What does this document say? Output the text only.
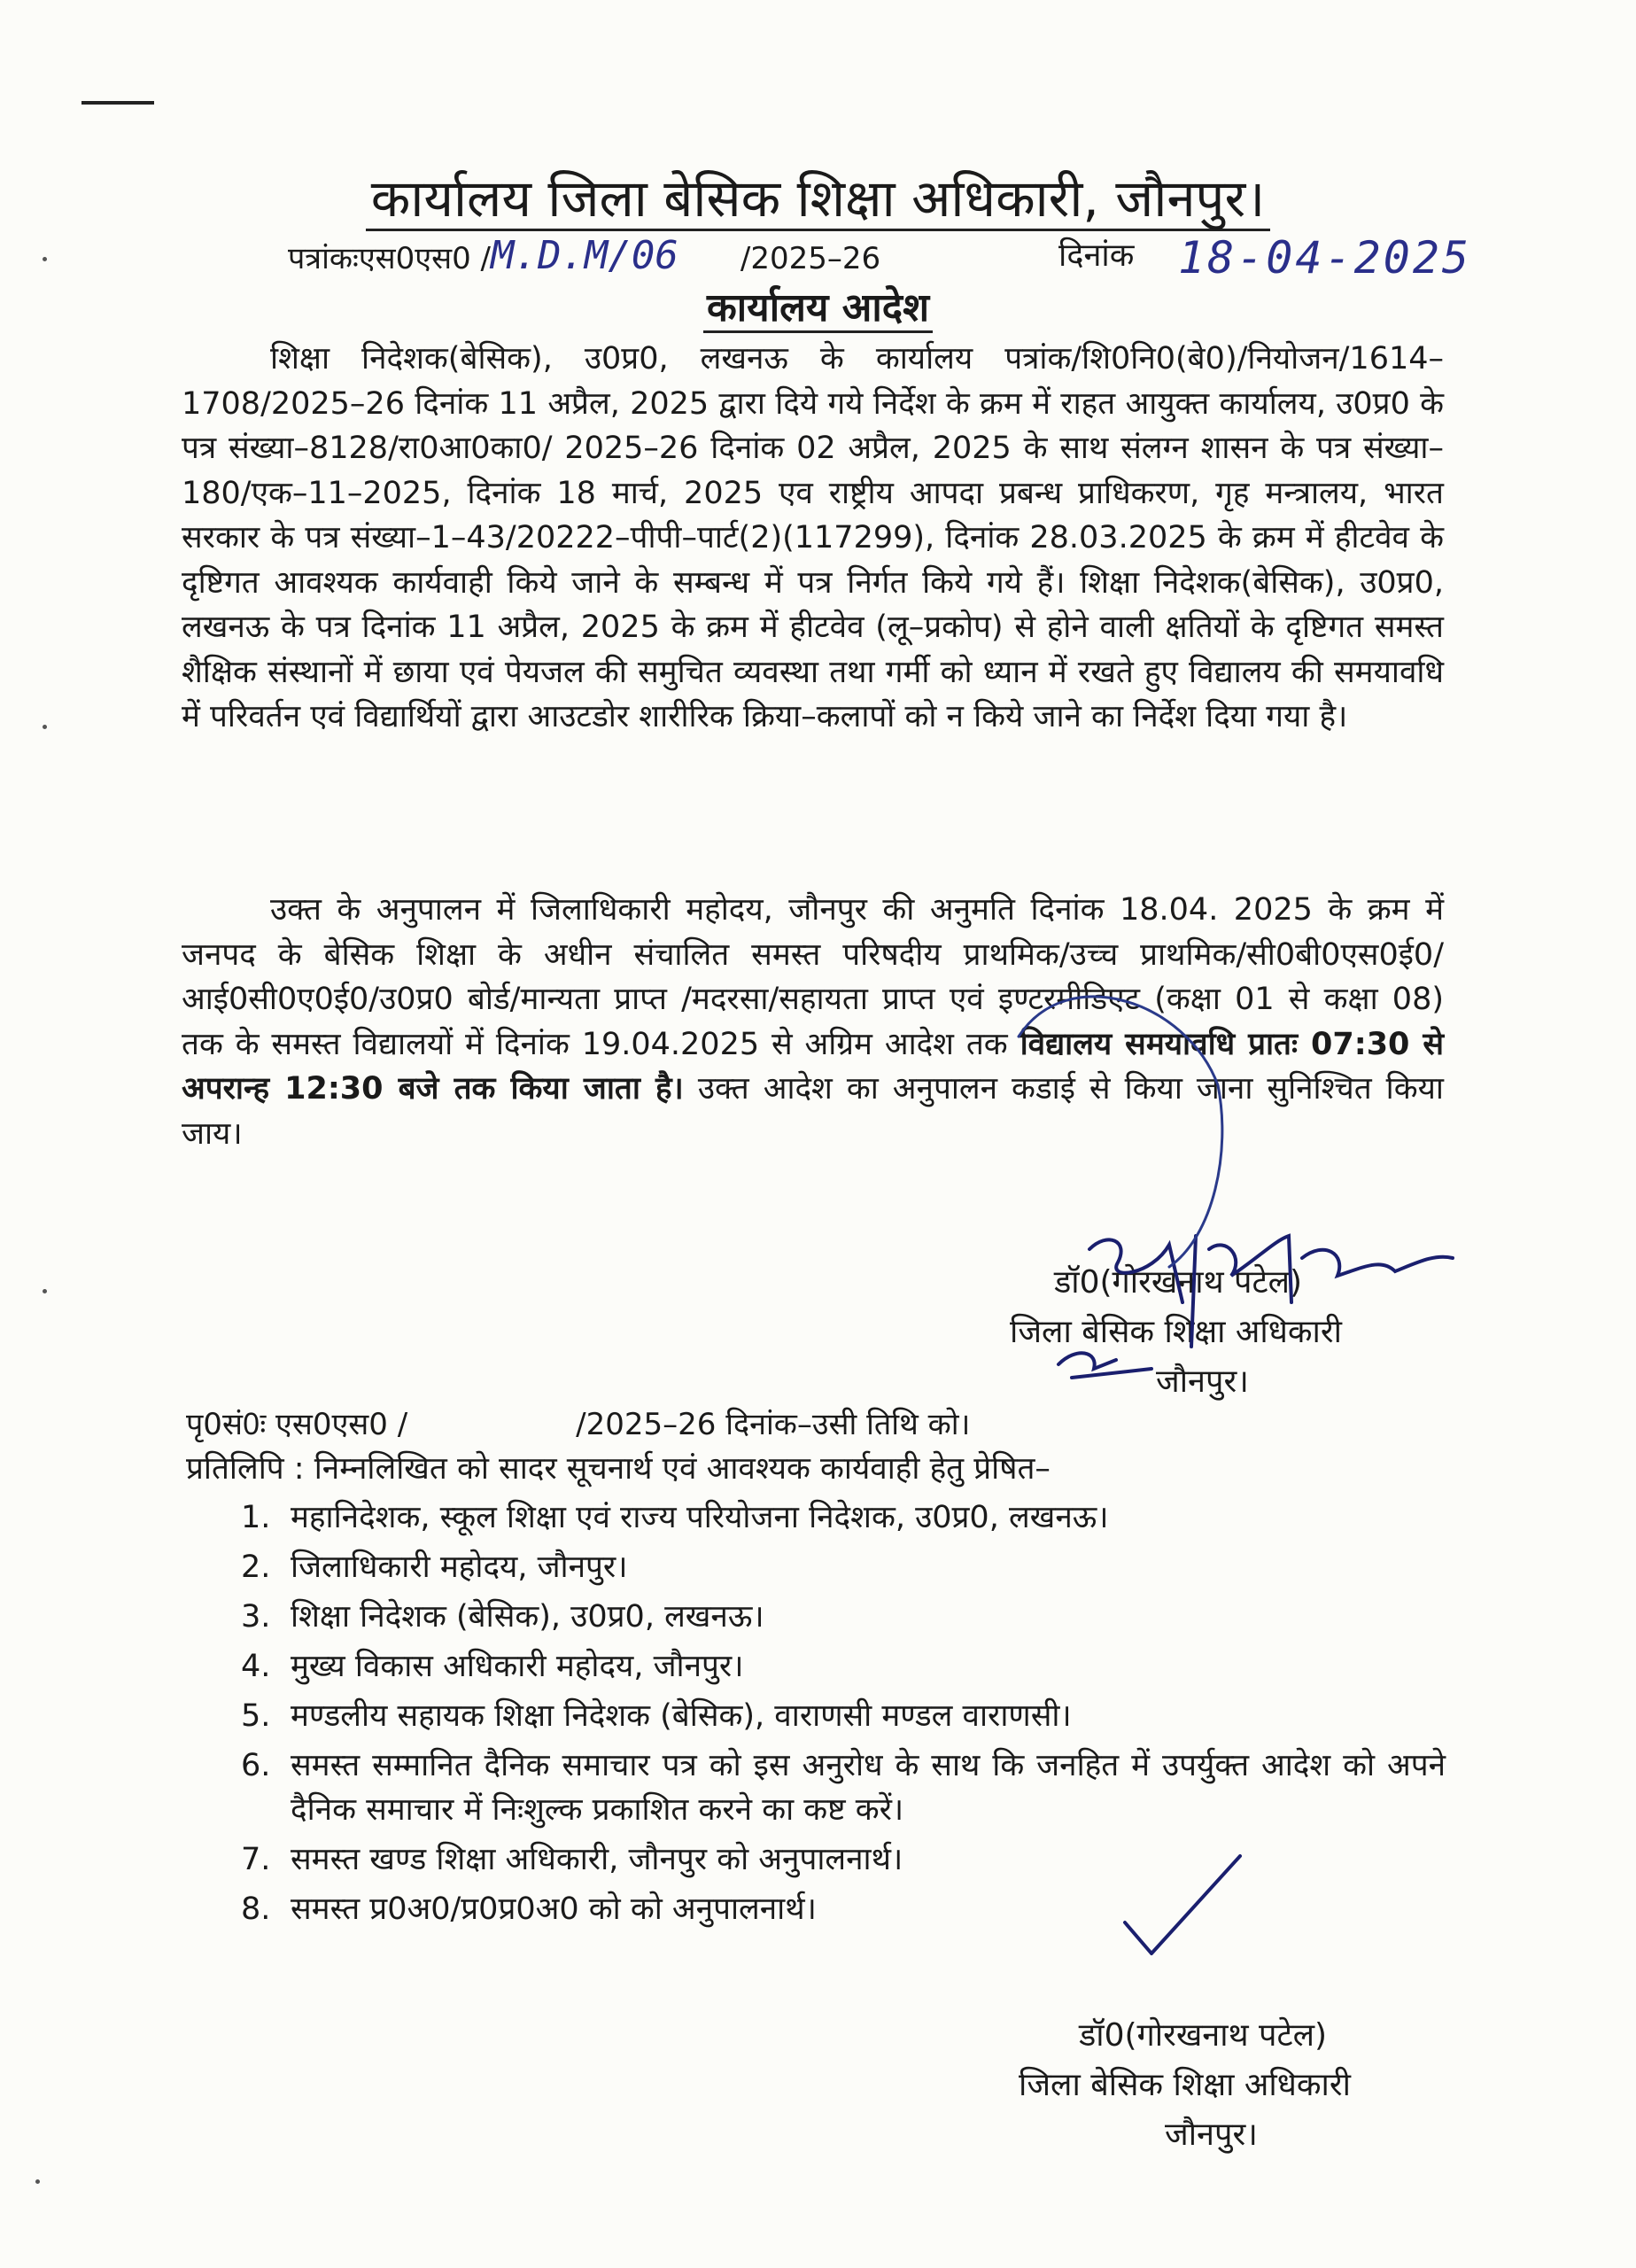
कार्यालय जिला बेसिक शिक्षा अधिकारी, जौनपुर।
पत्रांकःएस0एस0 /M.D.M/06 /2025–26	दिनांक 18-04-2025
कार्यालय आदेश
शिक्षा निदेशक(बेसिक), उ0प्र0, लखनऊ के कार्यालय पत्रांक/शि0नि0(बे0)/नियोजन/1614–1708/2025–26 दिनांक 11 अप्रैल, 2025 द्वारा दिये गये निर्देश के क्रम में राहत आयुक्त कार्यालय, उ0प्र0 के पत्र संख्या–8128/रा0आ0का0/ 2025–26 दिनांक 02 अप्रैल, 2025 के साथ संलग्न शासन के पत्र संख्या–180/एक–11–2025, दिनांक 18 मार्च, 2025 एव राष्ट्रीय आपदा प्रबन्ध प्राधिकरण, गृह मन्त्रालय, भारत सरकार के पत्र संख्या–1–43/20222–पीपी–पार्ट(2)(117299), दिनांक 28.03.2025 के क्रम में हीटवेव के दृष्टिगत आवश्यक कार्यवाही किये जाने के सम्बन्ध में पत्र निर्गत किये गये हैं। शिक्षा निदेशक(बेसिक), उ0प्र0, लखनऊ के पत्र दिनांक 11 अप्रैल, 2025 के क्रम में हीटवेव (लू–प्रकोप) से होने वाली क्षतियों के दृष्टिगत समस्त शैक्षिक संस्थानों में छाया एवं पेयजल की समुचित व्यवस्था तथा गर्मी को ध्यान में रखते हुए विद्यालय की समयावधि में परिवर्तन एवं विद्यार्थियों द्वारा आउटडोर शारीरिक क्रिया–कलापों को न किये जाने का निर्देश दिया गया है।
उक्त के अनुपालन में जिलाधिकारी महोदय, जौनपुर की अनुमति दिनांक 18.04. 2025 के क्रम में जनपद के बेसिक शिक्षा के अधीन संचालित समस्त परिषदीय प्राथमिक/उच्च प्राथमिक/सी0बी0एस0ई0/आई0सी0ए0ई0/उ0प्र0 बोर्ड/मान्यता प्राप्त /मदरसा/सहायता प्राप्त एवं इण्टरमीडिएट (कक्षा 01 से कक्षा 08) तक के समस्त विद्यालयों में दिनांक 19.04.2025 से अग्रिम आदेश तक विद्यालय समयावधि प्रातः 07:30 से अपरान्ह 12:30 बजे तक किया जाता है। उक्त आदेश का अनुपालन कडाई से किया जाना सुनिश्चित किया जाय।
डॉ0(गोरखनाथ पटेल)
जिला बेसिक शिक्षा अधिकारी
जौनपुर।
पृ0सं0ः एस0एस0 /	/2025–26 दिनांक–उसी तिथि को।
प्रतिलिपि : निम्नलिखित को सादर सूचनार्थ एवं आवश्यक कार्यवाही हेतु प्रेषित–
1. महानिदेशक, स्कूल शिक्षा एवं राज्य परियोजना निदेशक, उ0प्र0, लखनऊ।
2. जिलाधिकारी महोदय, जौनपुर।
3. शिक्षा निदेशक (बेसिक), उ0प्र0, लखनऊ।
4. मुख्य विकास अधिकारी महोदय, जौनपुर।
5. मण्डलीय सहायक शिक्षा निदेशक (बेसिक), वाराणसी मण्डल वाराणसी।
6. समस्त सम्मानित दैनिक समाचार पत्र को इस अनुरोध के साथ कि जनहित में उपर्युक्त आदेश को अपने दैनिक समाचार में निःशुल्क प्रकाशित करने का कष्ट करें।
7. समस्त खण्ड शिक्षा अधिकारी, जौनपुर को अनुपालनार्थ।
8. समस्त प्र0अ0/प्र0प्र0अ0 को को अनुपालनार्थ।
डॉ0(गोरखनाथ पटेल)
जिला बेसिक शिक्षा अधिकारी
जौनपुर।
